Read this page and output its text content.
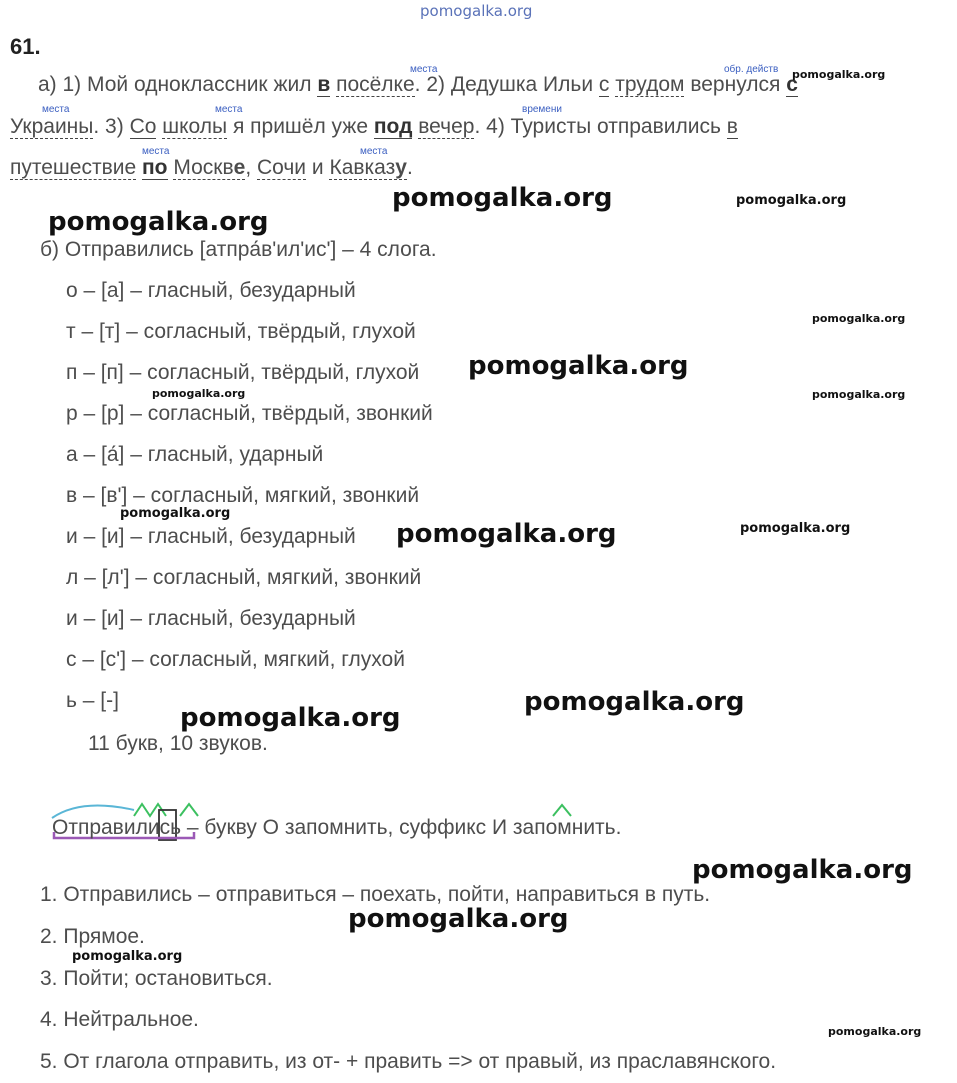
pomogalka.org
61.
места	обр. действ
места	места	времени
места	места
а) 1) Мой одноклассник жил в посёлке. 2) Дедушка Ильи с трудом вернулся с
Украины. 3) Со школы я пришёл уже под вечер. 4) Туристы отправились в
путешествие по Москве, Сочи и Кавказу.
б) Отправились [атпра́в'ил'ис'] – 4 слога.
о – [а] – гласный, безударный
т – [т] – согласный, твёрдый, глухой
п – [п] – согласный, твёрдый, глухой
р – [р] – согласный, твёрдый, звонкий
а – [а́] – гласный, ударный
в – [в'] – согласный, мягкий, звонкий
и – [и] – гласный, безударный
л – [л'] – согласный, мягкий, звонкий
и – [и] – гласный, безударный
с – [с'] – согласный, мягкий, глухой
ь – [-]
11 букв, 10 звуков.
Отправились – букву О запомнить, суффикс И запомнить.
1. Отправились – отправиться – поехать, пойти, направиться в путь.
2. Прямое.
3. Пойти; остановиться.
4. Нейтральное.
5. От глагола отправить, из от- + править => от правый, из праславянского.
pomogalka.org
pomogalka.org
pomogalka.org
pomogalka.org
pomogalka.org
pomogalka.org
pomogalka.org	pomogalka.org
pomogalka.org
pomogalka.org	pomogalka.org
pomogalka.org
pomogalka.org
pomogalka.org
pomogalka.org
pomogalka.org
pomogalka.org
